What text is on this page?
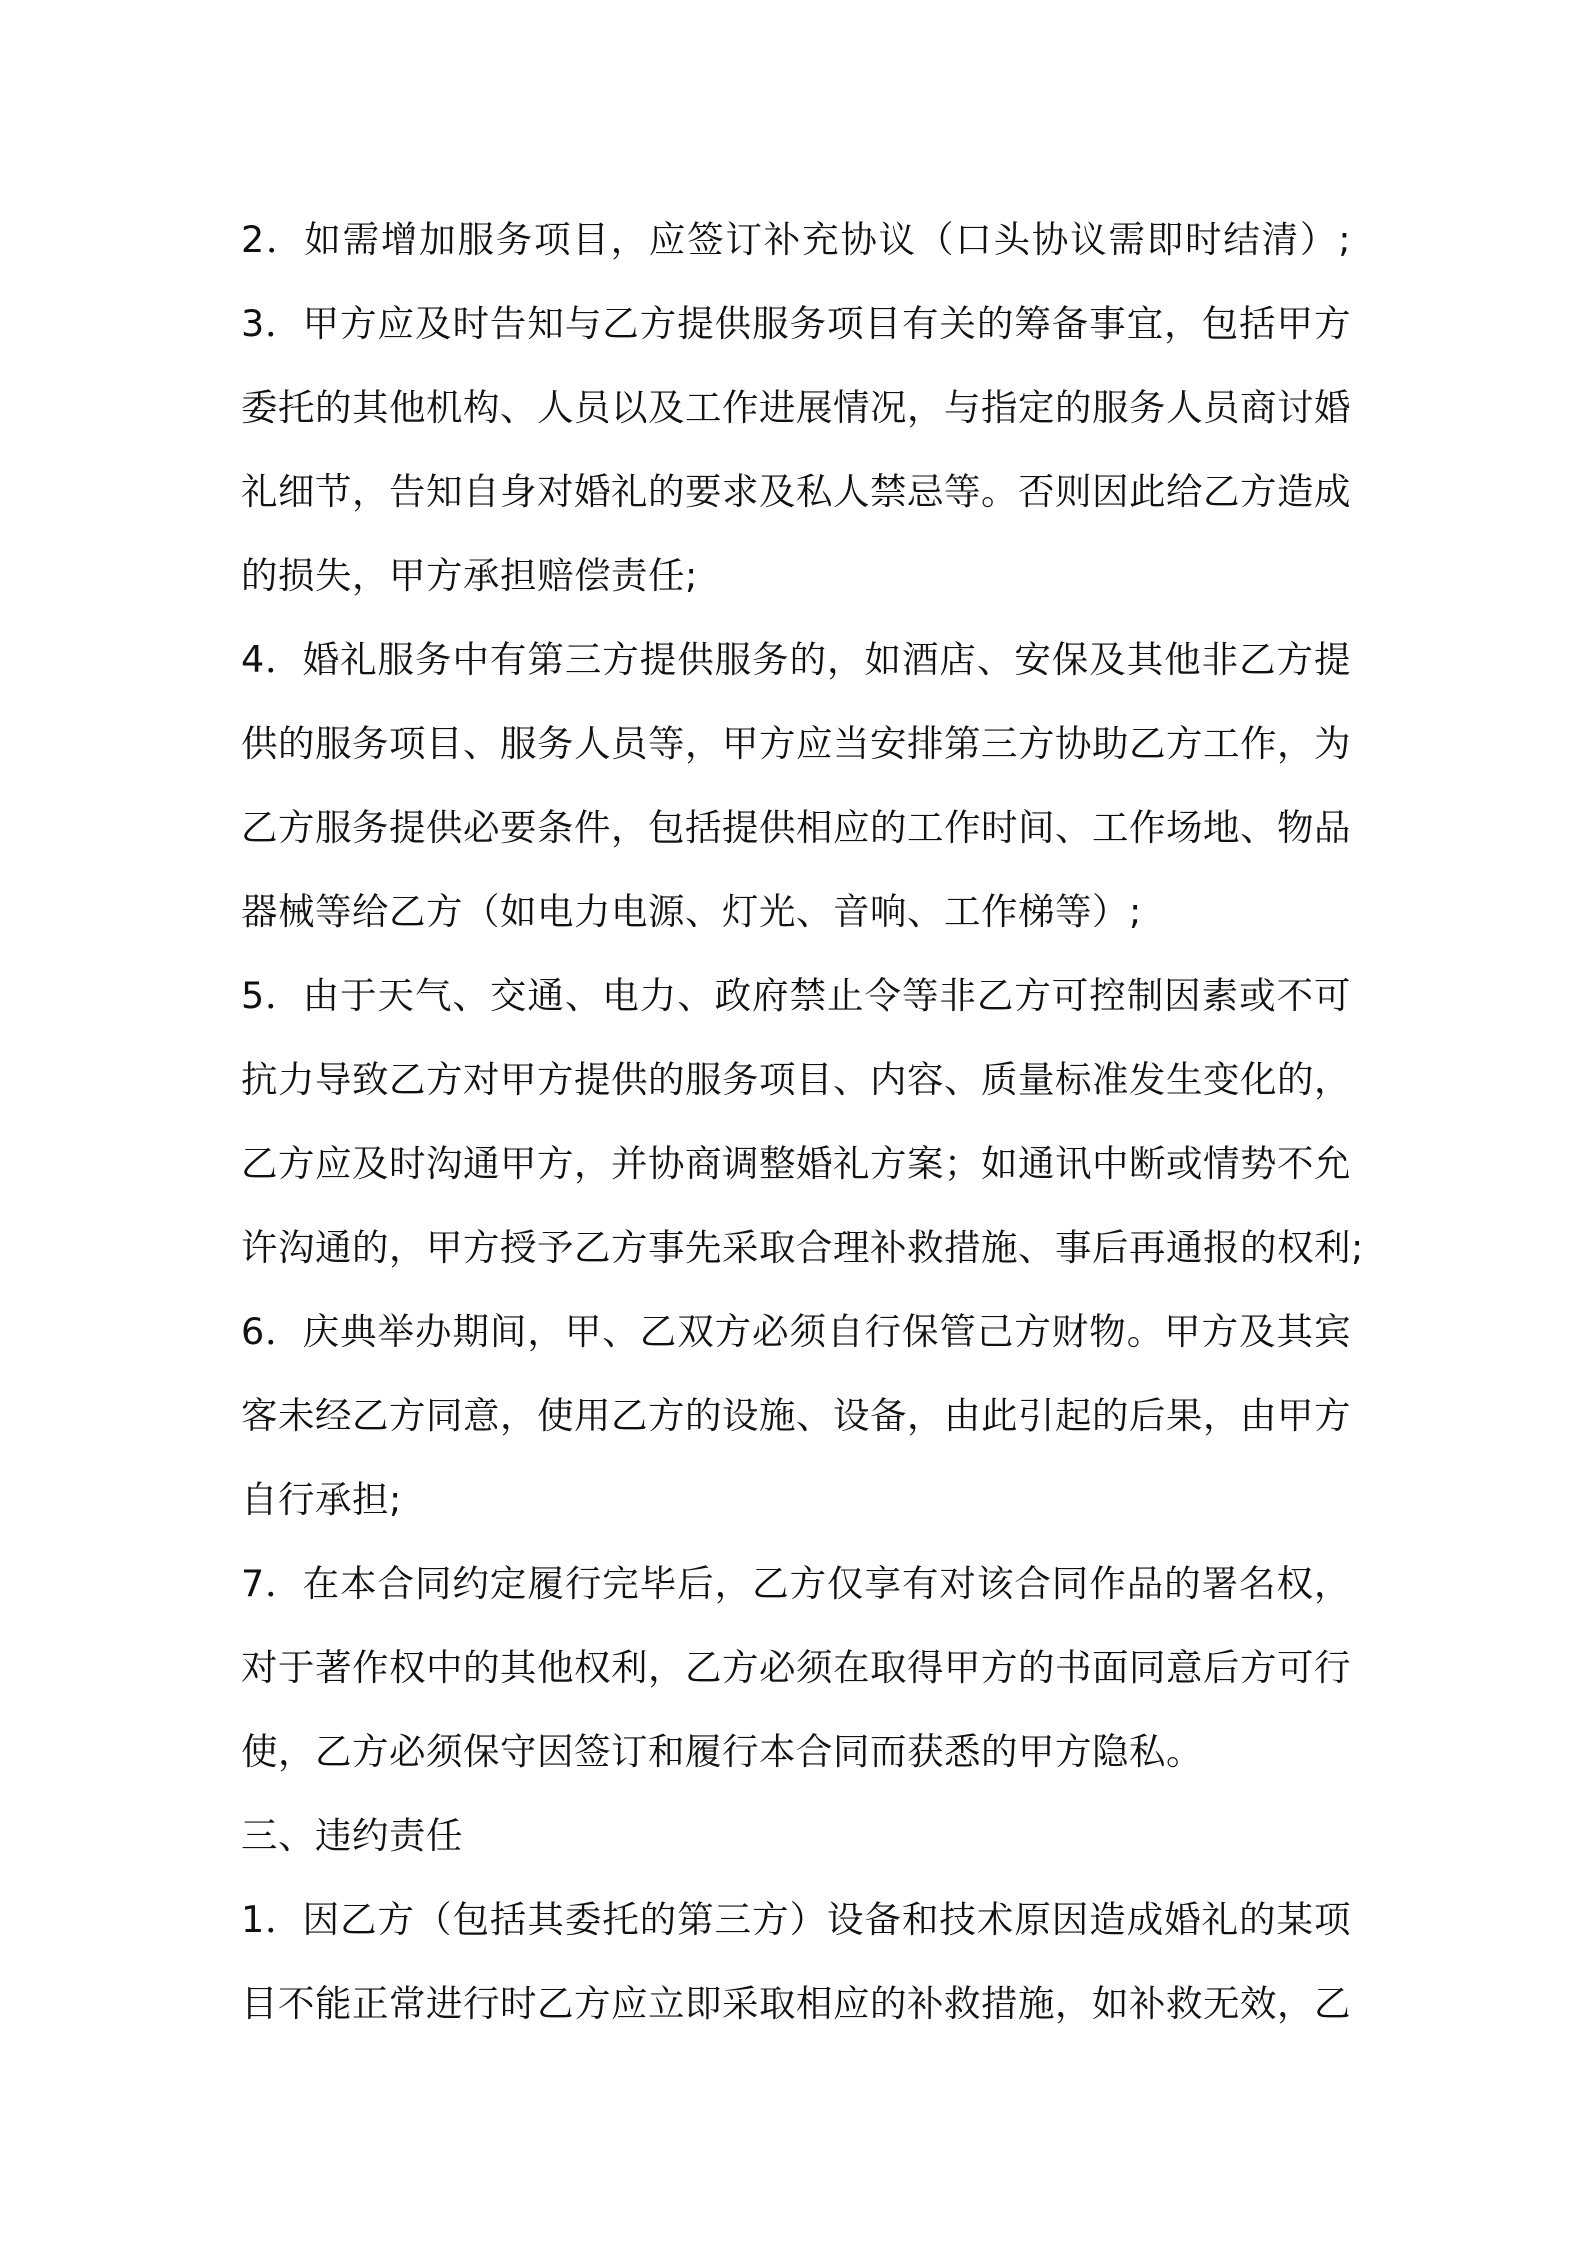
2．如需增加服务项目，应签订补充协议（口头协议需即时结清）;
3．甲方应及时告知与乙方提供服务项目有关的筹备事宜，包括甲方
委托的其他机构、人员以及工作进展情况，与指定的服务人员商讨婚
礼细节，告知自身对婚礼的要求及私人禁忌等。否则因此给乙方造成
的损失，甲方承担赔偿责任;
4．婚礼服务中有第三方提供服务的，如酒店、安保及其他非乙方提
供的服务项目、服务人员等，甲方应当安排第三方协助乙方工作，为
乙方服务提供必要条件，包括提供相应的工作时间、工作场地、物品
器械等给乙方（如电力电源、灯光、音响、工作梯等）;
5．由于天气、交通、电力、政府禁止令等非乙方可控制因素或不可
抗力导致乙方对甲方提供的服务项目、内容、质量标准发生变化的，
乙方应及时沟通甲方，并协商调整婚礼方案；如通讯中断或情势不允
许沟通的，甲方授予乙方事先采取合理补救措施、事后再通报的权利;
6．庆典举办期间，甲、乙双方必须自行保管己方财物。甲方及其宾
客未经乙方同意，使用乙方的设施、设备，由此引起的后果，由甲方
自行承担;
7．在本合同约定履行完毕后，乙方仅享有对该合同作品的署名权，
对于著作权中的其他权利，乙方必须在取得甲方的书面同意后方可行
使，乙方必须保守因签订和履行本合同而获悉的甲方隐私。
三、违约责任
1．因乙方（包括其委托的第三方）设备和技术原因造成婚礼的某项
目不能正常进行时乙方应立即采取相应的补救措施，如补救无效，乙
